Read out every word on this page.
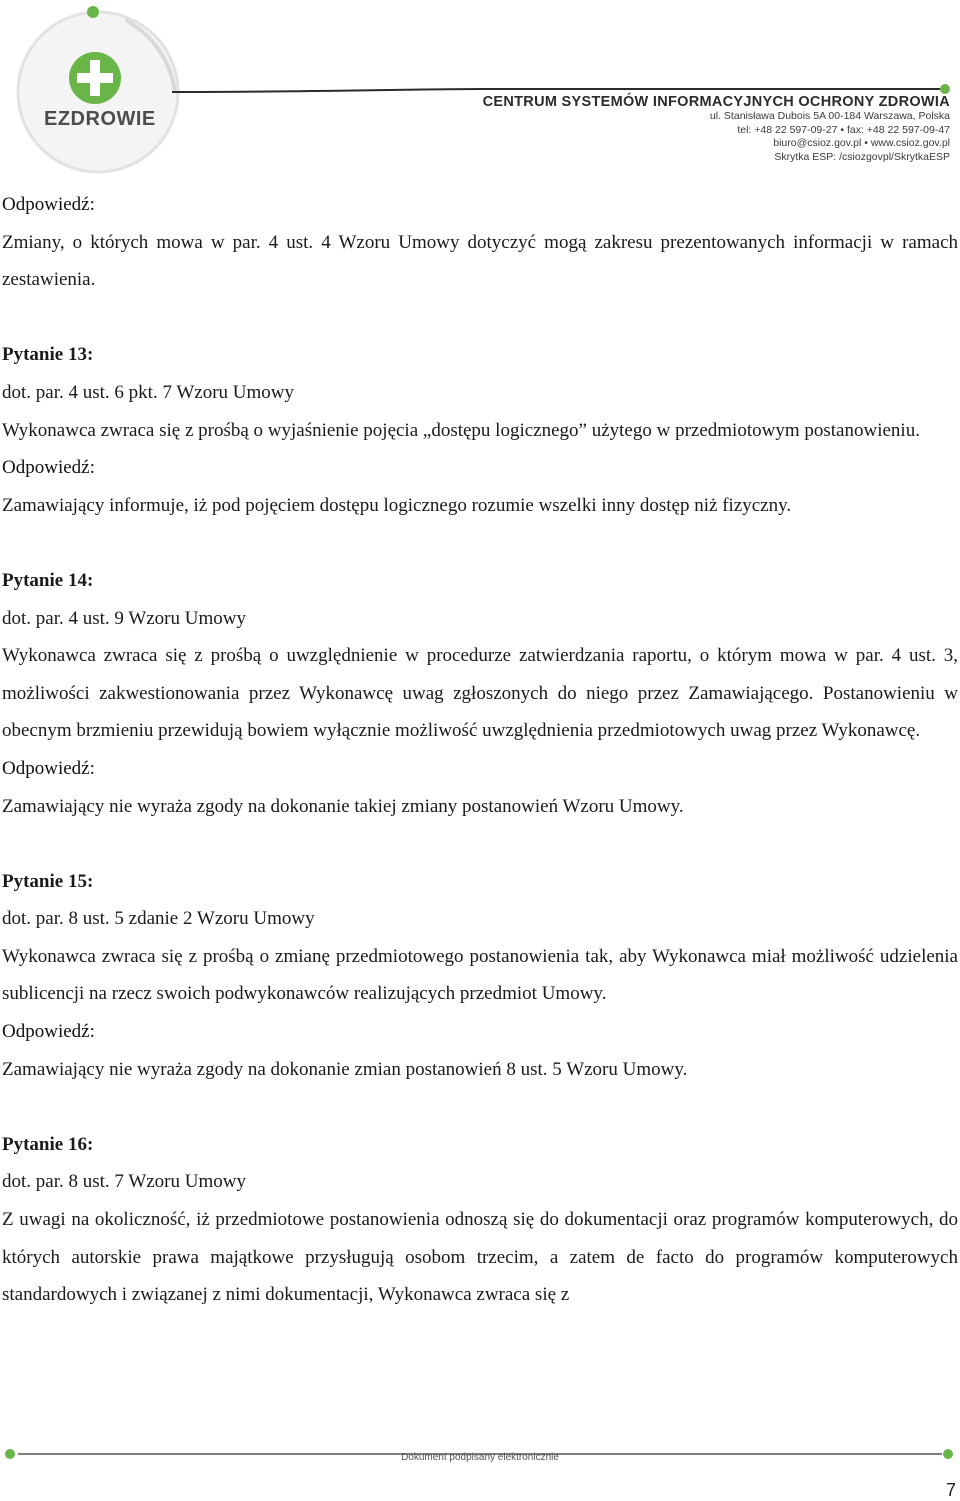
EZDROWIE
CENTRUM SYSTEMÓW INFORMACYJNYCH OCHRONY ZDROWIA
ul. Stanisława Dubois 5A 00-184 Warszawa, Polska
tel: +48 22 597-09-27 • fax: +48 22 597-09-47
biuro@csioz.gov.pl • www.csioz.gov.pl
Skrytka ESP: /csiozgovpl/SkrytkaESP

Odpowiedź:

Zmiany, o których mowa w par. 4 ust. 4 Wzoru Umowy dotyczyć mogą zakresu prezentowanych informacji w ramach zestawienia.

Pytanie 13:

dot. par. 4 ust. 6 pkt. 7 Wzoru Umowy

Wykonawca zwraca się z prośbą o wyjaśnienie pojęcia „dostępu logicznego” użytego w przedmiotowym postanowieniu.

Odpowiedź:

Zamawiający informuje, iż pod pojęciem dostępu logicznego rozumie wszelki inny dostęp niż fizyczny.

Pytanie 14:

dot. par. 4 ust. 9 Wzoru Umowy

Wykonawca zwraca się z prośbą o uwzględnienie w procedurze zatwierdzania raportu, o którym mowa w par. 4 ust. 3, możliwości zakwestionowania przez Wykonawcę uwag zgłoszonych do niego przez Zamawiającego. Postanowieniu w obecnym brzmieniu przewidują bowiem wyłącznie możliwość uwzględnienia przedmiotowych uwag przez Wykonawcę.

Odpowiedź:

Zamawiający nie wyraża zgody na dokonanie takiej zmiany postanowień Wzoru Umowy.

Pytanie 15:

dot. par. 8 ust. 5 zdanie 2 Wzoru Umowy

Wykonawca zwraca się z prośbą o zmianę przedmiotowego postanowienia tak, aby Wykonawca miał możliwość udzielenia sublicencji na rzecz swoich podwykonawców realizujących przedmiot Umowy.

Odpowiedź:

Zamawiający nie wyraża zgody na dokonanie zmian postanowień 8 ust. 5 Wzoru Umowy.

Pytanie 16:

dot. par. 8 ust. 7 Wzoru Umowy

Z uwagi na okoliczność, iż przedmiotowe postanowienia odnoszą się do dokumentacji oraz programów komputerowych, do których autorskie prawa majątkowe przysługują osobom trzecim, a zatem de facto do programów komputerowych standardowych i związanej z nimi dokumentacji, Wykonawca zwraca się z

Dokument podpisany elektronicznie
7
